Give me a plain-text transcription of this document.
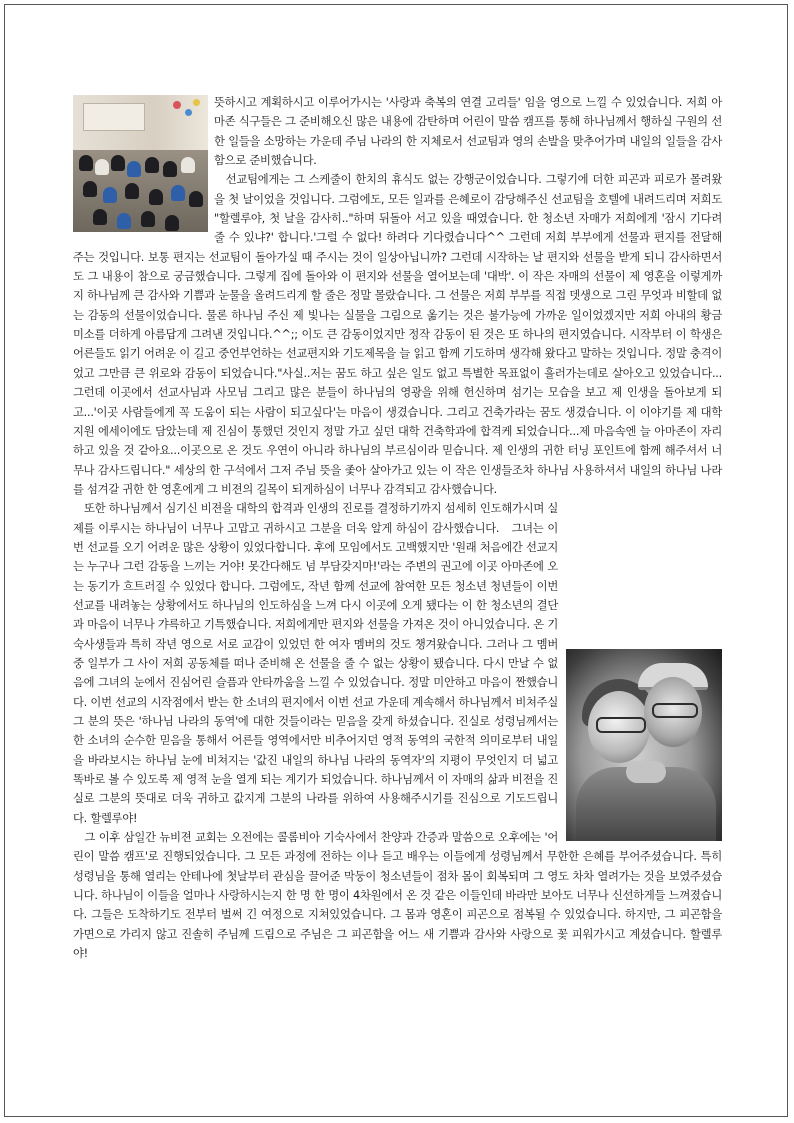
뜻하시고 계획하시고 이루어가시는 '사랑과 축복의 연결 고리들' 임을 영으로 느낄 수 있었습니다. 저희 아마존 식구들은 그 준비해오신 많은 내용에 감탄하며 어린이 말씀 캠프를 통해 하나님께서 행하실 구원의 선한 일들을 소망하는 가운데 주님 나라의 한 지체로서 선교팀과 영의 손발을 맞추어가며 내일의 일들을 감사함으로 준비했습니다.

　선교팀에게는 그 스케줄이 한치의 휴식도 없는 강행군이었습니다. 그렇기에 더한 피곤과 피로가 몰려왔을 첫 날이었을 것입니다. 그럼에도, 모든 일과를 은혜로이 감당해주신 선교팀을 호텔에 내려드리며 저희도 "할렐루야, 첫 날을 감사히.."하며 뒤돌아 서고 있을 때였습니다. 한 청소년 자매가 저희에게 '잠시 기다려 줄 수 있냐?' 합니다.'그럴 수 없다! 하려다 기다렸습니다^^ 그런데 저희 부부에게 선물과 편지를 전달해 주는 것입니다. 보통 편지는 선교팀이 돌아가실 때 주시는 것이 일상아닙니까? 그런데 시작하는 날 편지와 선물을 받게 되니 감사하면서도 그 내용이 참으로 궁금했습니다. 그렇게 집에 돌아와 이 편지와 선물을 열어보는데 '대박'. 이 작은 자매의 선물이 제 영혼을 이렇게까지 하나님께 큰 감사와 기쁨과 눈물을 올려드리게 할 줄은 정말 몰랐습니다. 그 선물은 저희 부부를 직접 뎃생으로 그린 무엇과 비할데 없는 감동의 선물이었습니다. 물론 하나님 주신 제 빛나는 실물을 그림으로 옮기는 것은 불가능에 가까운 일이었겠지만 저희 아내의 황금 미소를 더하게 아름답게 그려낸 것입니다.^^;; 이도 큰 감동이었지만 정작 감동이 된 것은 또 하나의 편지였습니다. 시작부터 이 학생은 어른들도 읽기 어려운 이 길고 중언부언하는 선교편지와 기도제목을 늘 읽고 함께 기도하며 생각해 왔다고 말하는 것입니다. 정말 충격이었고 그만큼 큰 위로와 감동이 되었습니다."사실..저는 꿈도 하고 싶은 일도 없고 특별한 목표없이 흘러가는데로 살아오고 있었습니다... 그런데 이곳에서 선교사님과 사모님 그리고 많은 분들이 하나님의 영광을 위해 헌신하며 섬기는 모습을 보고 제 인생을 돌아보게 되고...'이곳 사람들에게 꼭 도움이 되는 사람이 되고싶다'는 마음이 생겼습니다. 그리고 건축가라는 꿈도 생겼습니다. 이 이야기를 제 대학 지원 에세이에도 담았는데 제 진심이 통했던 것인지 정말 가고 싶던 대학 건축학과에 합격케 되었습니다...제 마음속엔 늘 아마존이 자리하고 있을 것 같아요...이곳으로 온 것도 우연이 아니라 하나님의 부르심이라 믿습니다. 제 인생의 귀한 터닝 포인트에 함께 해주셔서 너무나 감사드립니다." 세상의 한 구석에서 그저 주님 뜻을 좇아 살아가고 있는 이 작은 인생들조차 하나님 사용하셔서 내일의 하나님 나라를 섬겨갈 귀한 한 영혼에게 그 비젼의 길목이 되게하심이 너무나 감격되고 감사했습니다.

　또한 하나님께서 심기신 비젼을 대학의 합격과 인생의 진로를 결정하기까지 섬세히 인도해가시며 실제를 이루시는 하나님이 너무나 고맙고 귀하시고 그분을 더욱 알게 하심이 감사했습니다.　그녀는 이번 선교를 오기 어려운 많은 상황이 있었다합니다. 후에 모임에서도 고백했지만 '원래 처음에간 선교지는 누구나 그런 감동을 느끼는 거야! 못간다해도 넘 부담갖지마!'라는 주변의 권고에 이곳 아마존에 오는 동기가 흐트러질 수 있었다 합니다. 그럼에도, 작년 함께 선교에 참여한 모든 청소년 청년들이 이번 선교를 내려놓는 상황에서도 하나님의 인도하심을 느껴 다시 이곳에 오게 됐다는 이 한 청소년의 결단과 마음이 너무나 갸륵하고 기특했습니다. 저희에게만 편지와 선물을 가져온 것이 아니었습니다. 온 기숙사생들과 특히 작년 영으로 서로 교감이 있었던 한 여자 멤버의 것도 챙겨왔습니다. 그러나 그 멤버중 일부가 그 사이 저희 공동체를 떠나 준비해 온 선물을 줄 수 없는 상황이 됐습니다. 다시 만날 수 없음에 그녀의 눈에서 진심어린 슬픔과 안타까움을 느낄 수 있었습니다. 정말 미안하고 마음이 짠했습니다. 이번 선교의 시작점에서 받는 한 소녀의 편지에서 이번 선교 가운데 계속해서 하나님께서 비쳐주실 그 분의 뜻은 '하나님 나라의 동역'에 대한 것들이라는 믿음을 갖게 하셨습니다. 진실로 성령님께서는 한 소녀의 순수한 믿음을 통해서 어른들 영역에서만 비추어지던 영적 동역의 국한적 의미로부터 내일을 바라보시는 하나님 눈에 비쳐지는 '값진 내일의 하나님 나라의 동역자'의 지평이 무엇인지 더 넓고 똑바로 볼 수 있도록 제 영적 눈을 열게 되는 계기가 되었습니다. 하나님께서 이 자매의 삶과 비젼을 진실로 그분의 뜻대로 더욱 귀하고 값지게 그분의 나라를 위하여 사용해주시기를 진심으로 기도드립니다. 할렐루야!

　그 이후 삼일간 뉴비젼 교회는 오전에는 콜롬비아 기숙사에서 찬양과 간증과 말씀으로 오후에는 '어린이 말씀 캠프'로 진행되었습니다. 그 모든 과정에 전하는 이나 듣고 배우는 이들에게 성령님께서 무한한 은혜를 부어주셨습니다. 특히 성령님을 통해 열리는 안테나에 첫날부터 관심을 끌어준 막둥이 청소년들이 점차 몸이 회복되며 그 영도 차차 열려가는 것을 보였주셨습니다. 하나님이 이들을 얼마나 사랑하시는지 한 명 한 명이 4차원에서 온 것 같은 이들인데 바라만 보아도 너무나 신선하게들 느껴졌습니다. 그들은 도착하기도 전부터 벌써 긴 여정으로 지쳐있었습니다. 그 몸과 영혼이 피곤으로 점복될 수 있었습니다. 하지만, 그 피곤함을 가면으로 가리지 않고 진솔히 주님께 드림으로 주님은 그 피곤함을 어느 새 기쁨과 감사와 사랑으로 꽃 피워가시고 계셨습니다. 할렐루야!
